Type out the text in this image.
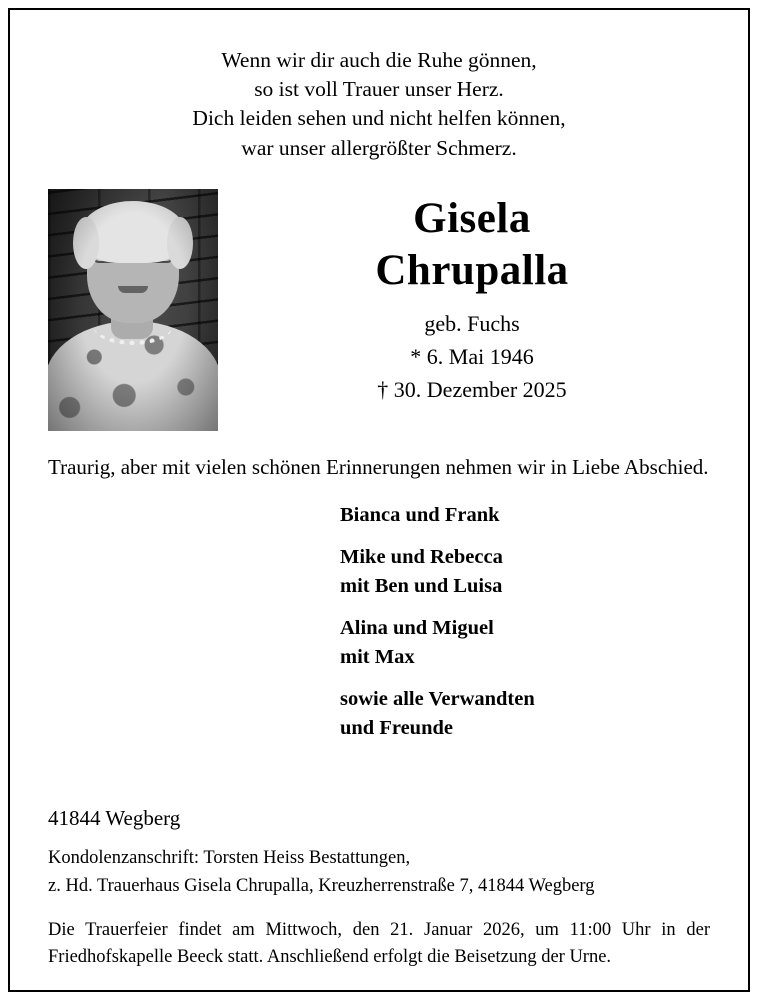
Wenn wir dir auch die Ruhe gönnen,
so ist voll Trauer unser Herz.
Dich leiden sehen und nicht helfen können,
war unser allergrößter Schmerz.
Gisela
Chrupalla
geb. Fuchs
* 6. Mai 1946
† 30. Dezember 2025
Traurig, aber mit vielen schönen Erinnerungen nehmen wir in Liebe Abschied.
Bianca und Frank
Mike und Rebecca
mit Ben und Luisa
Alina und Miguel
mit Max
sowie alle Verwandten
und Freunde
41844 Wegberg
Kondolenzanschrift: Torsten Heiss Bestattungen,
z. Hd. Trauerhaus Gisela Chrupalla, Kreuzherrenstraße 7, 41844 Wegberg
Die Trauerfeier findet am Mittwoch, den 21. Januar 2026, um 11:00 Uhr in der Friedhofskapelle Beeck statt. Anschließend erfolgt die Beisetzung der Urne.
